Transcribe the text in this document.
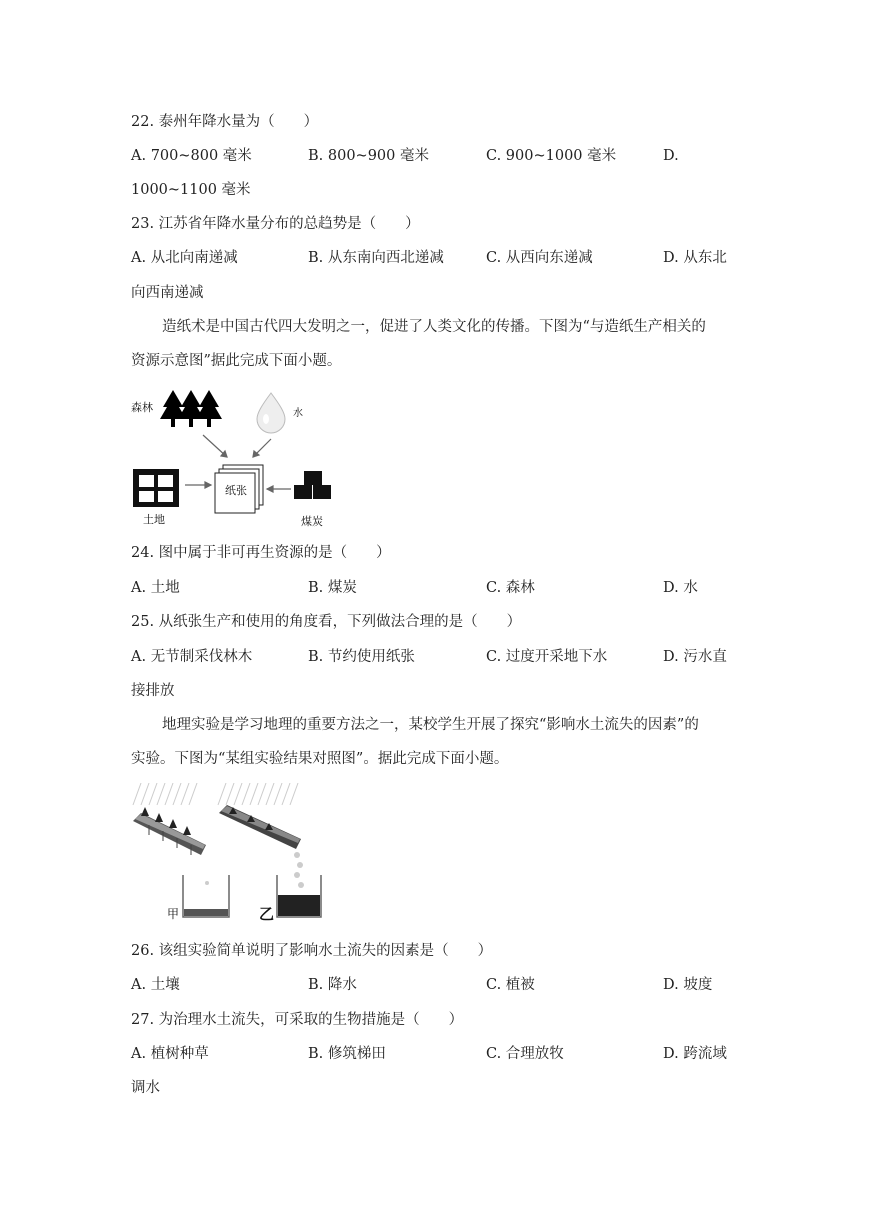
22. 泰州年降水量为（　　）
A. 700~800 毫米	B. 800~900 毫米	C. 900~1000 毫米	D.
1000~1100 毫米
23. 江苏省年降水量分布的总趋势是（　　）
A. 从北向南递减	B. 从东南向西北递减	C. 从西向东递减	D. 从东北
向西南递减
造纸术是中国古代四大发明之一，促进了人类文化的传播。下图为“与造纸生产相关的
资源示意图”据此完成下面小题。
森林	水
纸张
土地	煤炭
24. 图中属于非可再生资源的是（　　）
A. 土地	B. 煤炭	C. 森林	D. 水
25. 从纸张生产和使用的角度看，下列做法合理的是（　　）
A. 无节制采伐林木	B. 节约使用纸张	C. 过度开采地下水	D. 污水直
接排放
地理实验是学习地理的重要方法之一，某校学生开展了探究“影响水土流失的因素”的
实验。下图为“某组实验结果对照图”。据此完成下面小题。
甲	乙
26. 该组实验简单说明了影响水土流失的因素是（　　）
A. 土壤	B. 降水	C. 植被	D. 坡度
27. 为治理水土流失，可采取的生物措施是（　　）
A. 植树种草	B. 修筑梯田	C. 合理放牧	D. 跨流域
调水
